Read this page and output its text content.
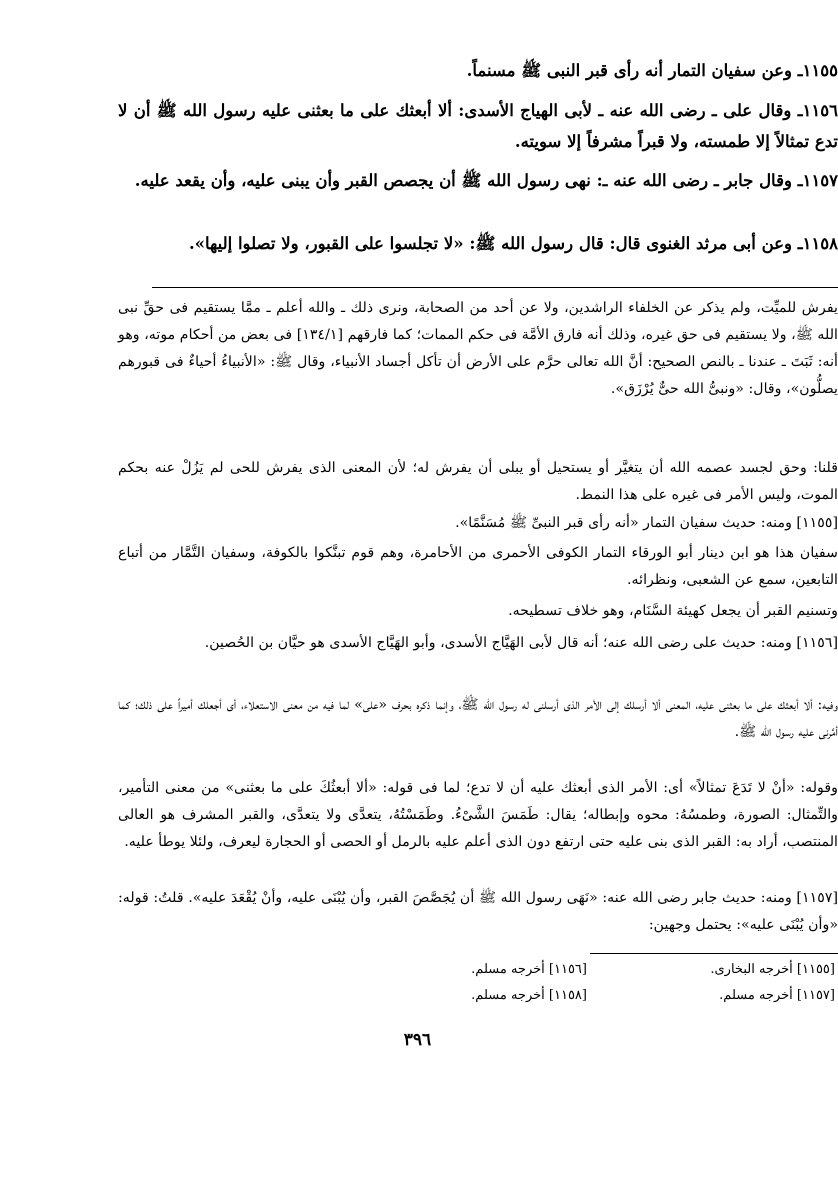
١١٥٥ـ وعن سفيان التمار أنه رأى قبر النبى ﷺ مسنماً.
١١٥٦ـ وقال على ـ رضى الله عنه ـ لأبى الهياج الأسدى: ألا أبعثك على ما بعثنى عليه رسول الله ﷺ أن لا تدع تمثالاً إلا طمسته، ولا قبراً مشرفاً إلا سويته.
١١٥٧ـ وقال جابر ـ رضى الله عنه ـ: نهى رسول الله ﷺ أن يجصص القبر وأن يبنى عليه، وأن يقعد عليه.
١١٥٨ـ وعن أبى مرثد الغنوى قال: قال رسول الله ﷺ: «لا تجلسوا على القبور، ولا تصلوا إليها».
يفرش للميِّت، ولم يذكر عن الخلفاء الراشدين، ولا عن أحد من الصحابة، ونرى ذلك ـ والله أعلم ـ ممَّا يستقيم فى حقِّ نبى الله ﷺ، ولا يستقيم فى حق غيره، وذلك أنه فارق الأمَّة فى حكم الممات؛ كما فارقهم [١٣٤/١] فى بعض من أحكام موته، وهو أنه: ثَبَتَ ـ عندنا ـ بالنص الصحيح: أنَّ الله تعالى حرَّم على الأرض أن تأكل أجساد الأنبياء، وقال ﷺ: «الأنبياءُ أحياءٌ فى قبورهم يصلُّون»، وقال: «ونبىُّ الله حىٌّ يُرْزَق».
قلنا: وحق لجسد عصمه الله أن يتغيَّر أو يستحيل أو يبلى أن يفرش له؛ لأن المعنى الذى يفرش للحى لم يَزُلْ عنه بحكم الموت، وليس الأمر فى غيره على هذا النمط.
[١١٥٥] ومنه: حديث سفيان التمار «أنه رأى قبر النبىِّ ﷺ مُسَنَّمًا».
سفيان هذا هو ابن دينار أبو الورقاء التمار الكوفى الأحمرى من الأحامرة، وهم قوم تبنَّكوا بالكوفة، وسفيان التَّمَّار من أتباع التابعين، سمع عن الشعبى، ونظرائه.
وتسنيم القبر أن يجعل كهيئة السَّنَام، وهو خلاف تسطيحه.
[١١٥٦] ومنه: حديث على رضى الله عنه؛ أنه قال لأبى الهَيَّاج الأسدى، وأبو الهَيَّاج الأسدى هو حيَّان بن الحُصين.
وفيه: ألا أبعثك على ما بعثنى عليه، المعنى ألا أرسلك إلى الأمر الذى أرسلنى له رسول الله ﷺ، وإنما ذكره بحرف «على» لما فيه من معنى الاستعلاء، أى أجعلك أميراً على ذلك؛ كما أمَّرنى عليه رسول الله ﷺ.
وقوله: «أنْ لا تَدَعَ تمثالاً» أى: الأمر الذى أبعثك عليه أن لا تدع؛ لما فى قوله: «ألا أبعثُكَ على ما بعثنى» من معنى التأمير، والتِّمثال: الصورة، وطمسُهُ: محوه وإبطاله؛ يقال: طَمَسَ الشَّىْءُ. وطَمَسْتُهُ، يتعدَّى ولا يتعدَّى، والقبر المشرف هو العالى المنتصب، أراد به: القبر الذى بنى عليه حتى ارتفع دون الذى أعلم عليه بالرمل أو الحصى أو الحجارة ليعرف، ولئلا يوطأ عليه.
[١١٥٧] ومنه: حديث جابر رضى الله عنه: «نَهَى رسول الله ﷺ أن يُجَصَّصَ القبر، وأن يُبْنَى عليه، وأنْ يُقْعَدَ عليه». قلتُ: قوله: «وأن يُبْنَى عليه»: يحتمل وجهين:
[١١٥٥] أخرجه البخارى.
[١١٥٦] أخرجه مسلم.
[١١٥٧] أخرجه مسلم.
[١١٥٨] أخرجه مسلم.
٣٩٦
